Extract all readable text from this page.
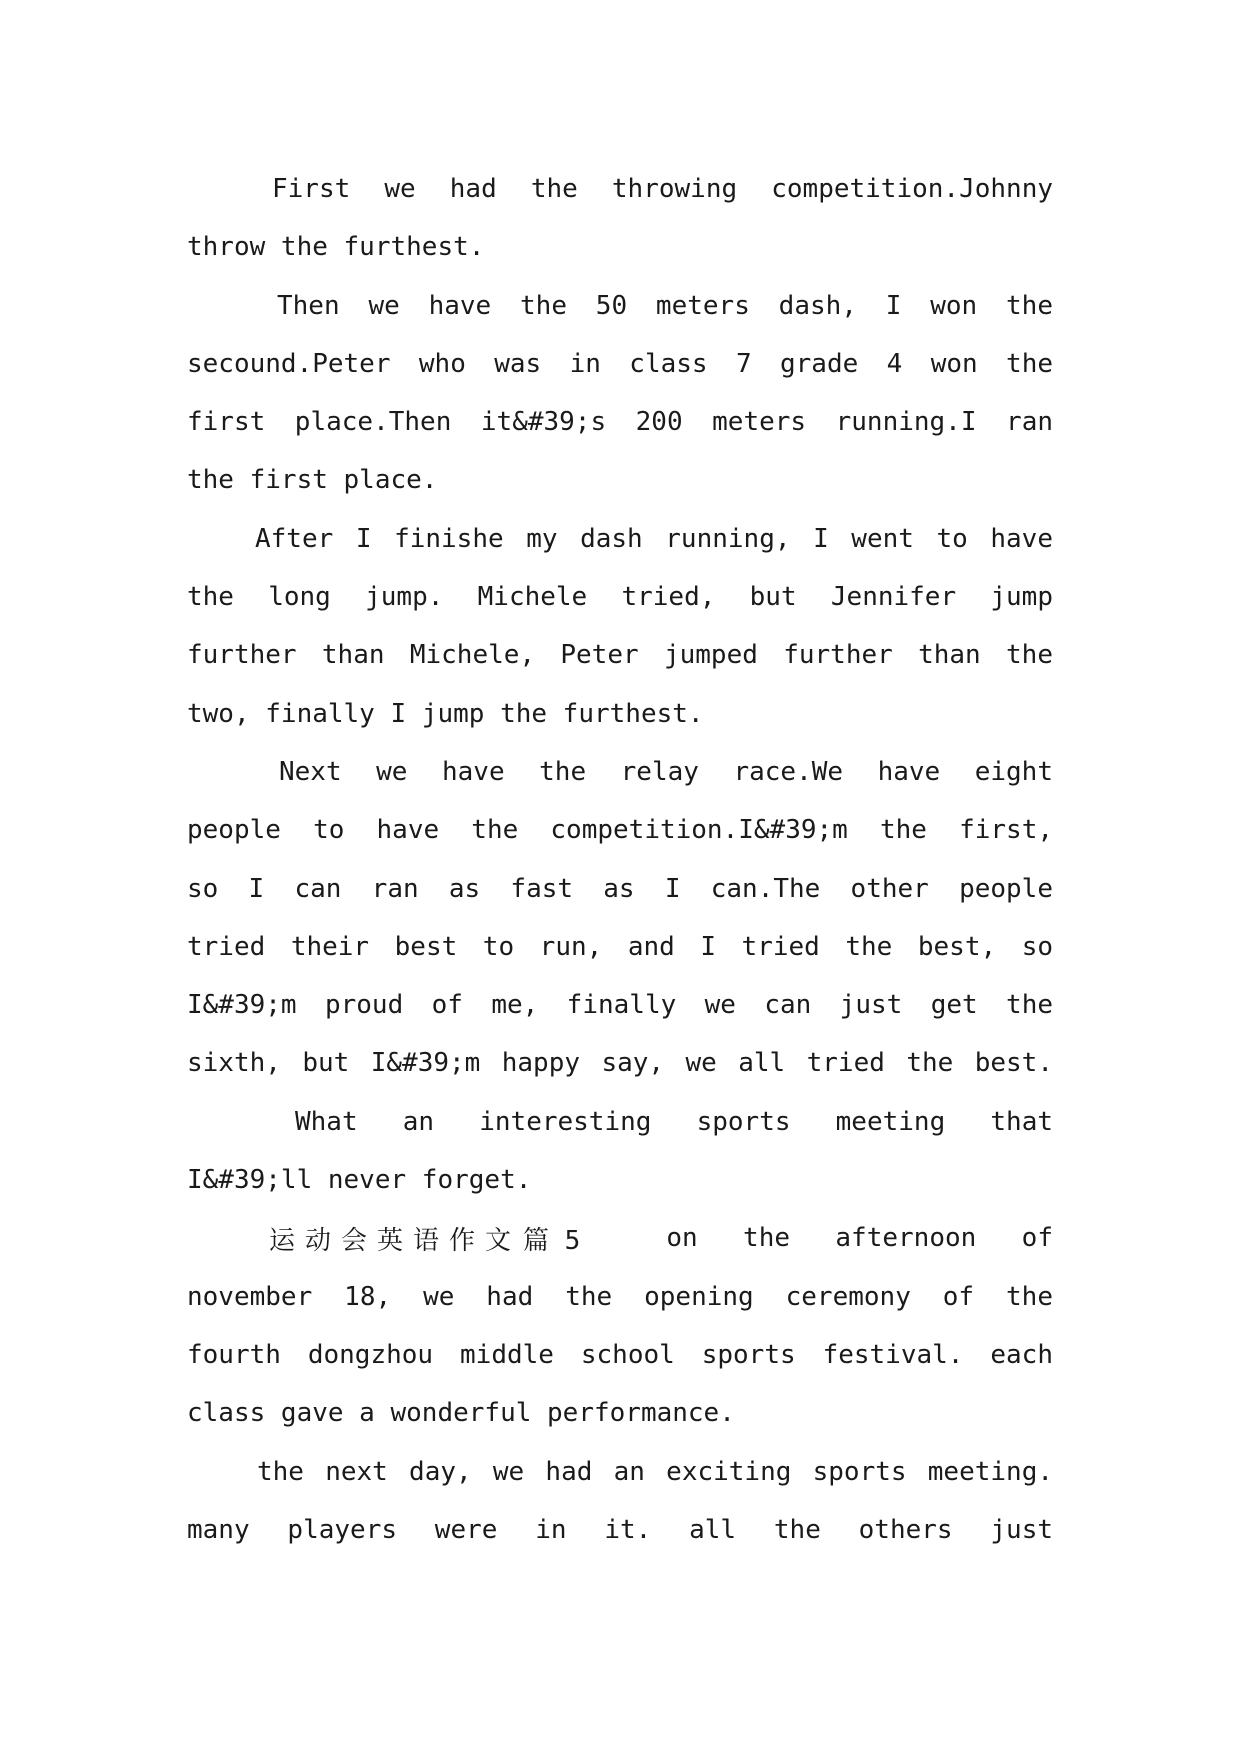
First we had the throwing competition.Johnny
throw the furthest.
Then we have the 50 meters dash, I won the
secound.Peter who was in class 7 grade 4 won the
first place.Then it&#39;s 200 meters running.I ran
the first place.
After I finishe my dash running, I went to have
the long jump. Michele tried, but Jennifer jump
further than Michele, Peter jumped further than the
two, finally I jump the furthest.
Next we have the relay race.We have eight
people to have the competition.I&#39;m the first,
so I can ran as fast as I can.The other people
tried their best to run, and I tried the best, so
I&#39;m proud of me, finally we can just get the
sixth, but I&#39;m happy say, we all tried the best.
What an interesting sports meeting that
I&#39;ll never forget.
运动会英语作文 篇 5	on the afternoon of
november 18, we had the opening ceremony of the
fourth dongzhou middle school sports festival. each
class gave a wonderful performance.
the next day, we had an exciting sports meeting.
many players were in it. all the others just
